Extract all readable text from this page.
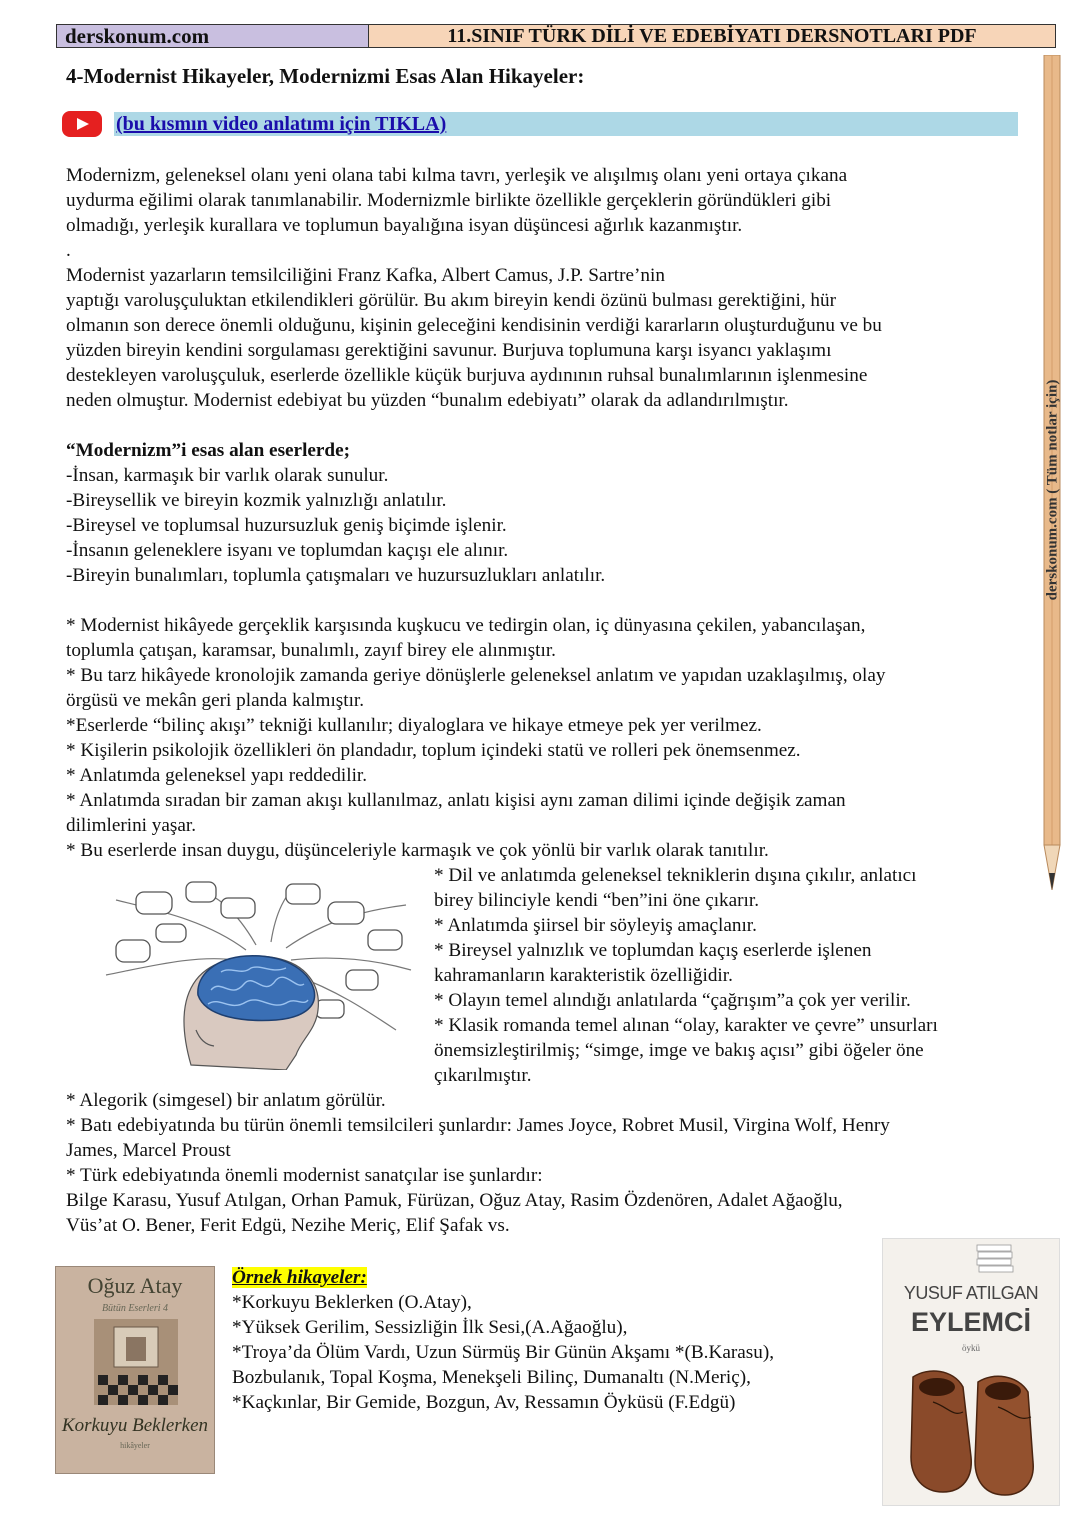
derskonum.com	11.SINIF TÜRK DİLİ VE EDEBİYATI DERSNOTLARI PDF
4-Modernist Hikayeler, Modernizmi Esas Alan Hikayeler:
(bu kısmın video anlatımı için TIKLA)

Modernizm, geleneksel olanı yeni olana tabi kılma tavrı, yerleşik ve alışılmış olanı yeni ortaya çıkana

uydurma eğilimi olarak tanımlanabilir. Modernizmle birlikte özellikle gerçeklerin göründükleri gibi

olmadığı, yerleşik kurallara ve toplumun bayalığına isyan düşüncesi ağırlık kazanmıştır.

.

Modernist yazarların temsilciliğini Franz Kafka, Albert Camus, J.P. Sartre’nin

yaptığı varoluşçuluktan etkilendikleri görülür. Bu akım bireyin kendi özünü bulması gerektiğini, hür

olmanın son derece önemli olduğunu, kişinin geleceğini kendisinin verdiği kararların oluşturduğunu ve bu

yüzden bireyin kendini sorgulaması gerektiğini savunur. Burjuva toplumuna karşı isyancı yaklaşımı

destekleyen varoluşçuluk, eserlerde özellikle küçük burjuva aydınının ruhsal bunalımlarının işlenmesine

neden olmuştur. Modernist edebiyat bu yüzden “bunalım edebiyatı” olarak da adlandırılmıştır.

“Modernizm”i esas alan eserlerde;

-İnsan, karmaşık bir varlık olarak sunulur.

-Bireysellik ve bireyin kozmik yalnızlığı anlatılır.

-Bireysel ve toplumsal huzursuzluk geniş biçimde işlenir.

-İnsanın geleneklere isyanı ve toplumdan kaçışı ele alınır.

-Bireyin bunalımları, toplumla çatışmaları ve huzursuzlukları anlatılır.

* Modernist hikâyede gerçeklik karşısında kuşkucu ve tedirgin olan, iç dünyasına çekilen, yabancılaşan,

toplumla çatışan, karamsar, bunalımlı, zayıf birey ele alınmıştır.

* Bu tarz hikâyede kronolojik zamanda geriye dönüşlerle geleneksel anlatım ve yapıdan uzaklaşılmış, olay

örgüsü ve mekân geri planda kalmıştır.

*Eserlerde “bilinç akışı” tekniği kullanılır; diyaloglara ve hikaye etmeye pek yer verilmez.

* Kişilerin psikolojik özellikleri ön plandadır, toplum içindeki statü ve rolleri pek önemsenmez.

* Anlatımda geleneksel yapı reddedilir.

* Anlatımda sıradan bir zaman akışı kullanılmaz, anlatı kişisi aynı zaman dilimi içinde değişik zaman

dilimlerini yaşar.

* Bu eserlerde insan duygu, düşünceleriyle karmaşık ve çok yönlü bir varlık olarak tanıtılır.

* Dil ve anlatımda geleneksel tekniklerin dışına çıkılır, anlatıcı

birey bilinciyle kendi “ben”ini öne çıkarır.

* Anlatımda şiirsel bir söyleyiş amaçlanır.

* Bireysel yalnızlık ve toplumdan kaçış eserlerde işlenen

kahramanların karakteristik özelliğidir.

* Olayın temel alındığı anlatılarda “çağrışım”a çok yer verilir.

* Klasik romanda temel alınan “olay, karakter ve çevre” unsurları

önemsizleştirilmiş; “simge, imge ve bakış açısı” gibi öğeler öne

çıkarılmıştır.

* Alegorik (simgesel) bir anlatım görülür.

* Batı edebiyatında bu türün önemli temsilcileri şunlardır: James Joyce, Robret Musil, Virgina Wolf, Henry

James, Marcel Proust

* Türk edebiyatında önemli modernist sanatçılar ise şunlardır:

Bilge Karasu, Yusuf Atılgan, Orhan Pamuk, Fürüzan, Oğuz Atay, Rasim Özdenören, Adalet Ağaoğlu,

Vüs’at O. Bener, Ferit Edgü, Nezihe Meriç, Elif Şafak vs.

Örnek hikayeler:

*Korkuyu Beklerken (O.Atay),

*Yüksek Gerilim, Sessizliğin İlk Sesi,(A.Ağaoğlu),

*Troya’da Ölüm Vardı, Uzun Sürmüş Bir Günün Akşamı *(B.Karasu),

Bozbulanık, Topal Koşma, Menekşeli Bilinç, Dumanaltı (N.Meriç),

*Kaçkınlar, Bir Gemide, Bozgun, Av, Ressamın Öyküsü (F.Edgü)

Oğuz Atay
Bütün Eserleri 4
Korkuyu Beklerken
hikâyeler
YUSUF ATILGAN
EYLEMCİ
öykü
derskonum.com ( Tüm notlar için)
